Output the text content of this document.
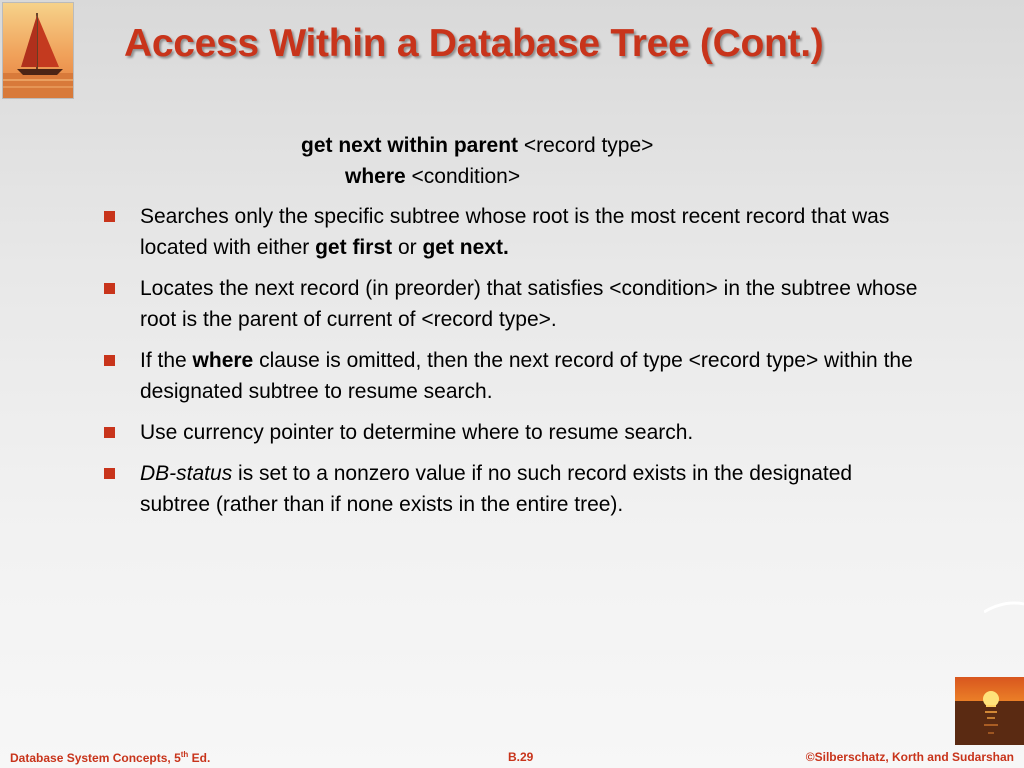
Access Within a Database Tree (Cont.)
get next within parent <record type>
where <condition>
Searches only the specific subtree whose root is the most recent record that was located with either get first or get next.
Locates the next record (in preorder) that satisfies <condition> in the subtree whose root is the parent of current of <record type>.
If the where clause is omitted, then the next record of type <record type> within the designated subtree to resume search.
Use currency pointer to determine where to resume search.
DB-status is set to a nonzero value if no such record exists in the designated subtree (rather than if none exists in the entire tree).
Database System Concepts, 5th Ed.	B.29	©Silberschatz, Korth and Sudarshan
